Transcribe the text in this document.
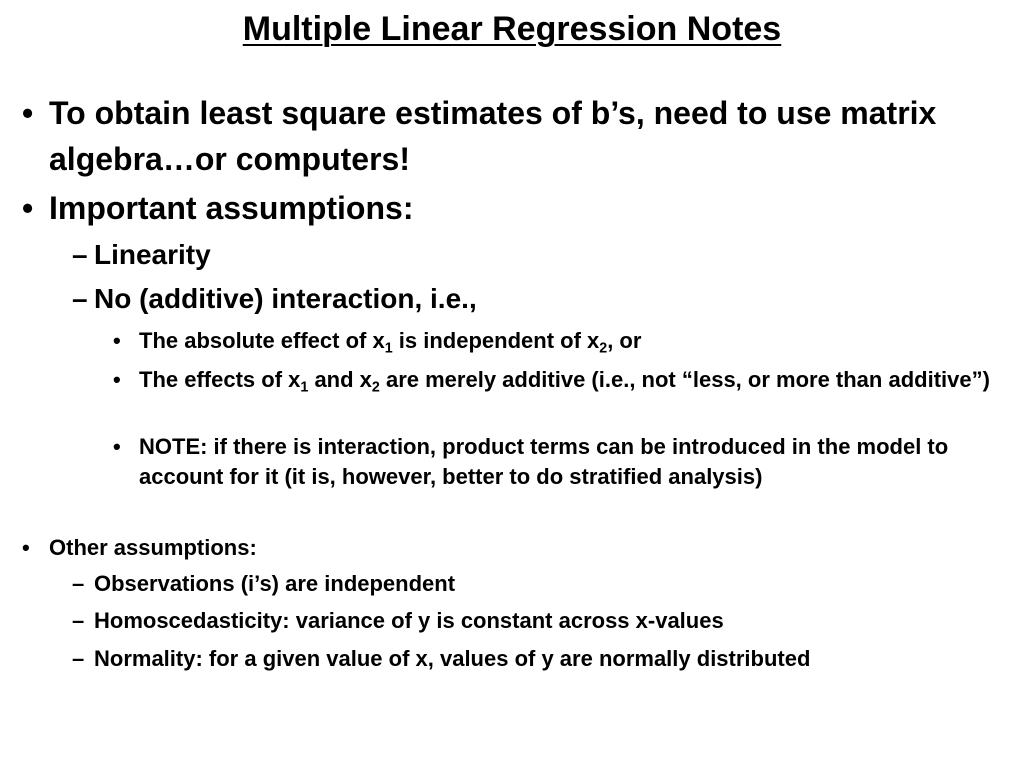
Multiple Linear Regression Notes
• To obtain least square estimates of b’s, need to use matrix algebra…or computers!
• Important assumptions:
– Linearity
– No (additive) interaction, i.e.,
• The absolute effect of $x_1$ is independent of $x_2$, or
• The effects of $x_1$ and $x_2$ are merely additive (i.e., not “less, or more than additive”)
• NOTE: if there is interaction, product terms can be introduced in the model to account for it (it is, however, better to do stratified analysis)
• Other assumptions:
– Observations (i’s) are independent
– Homoscedasticity: variance of y is constant across x-values
– Normality: for a given value of x, values of y are normally distributed
